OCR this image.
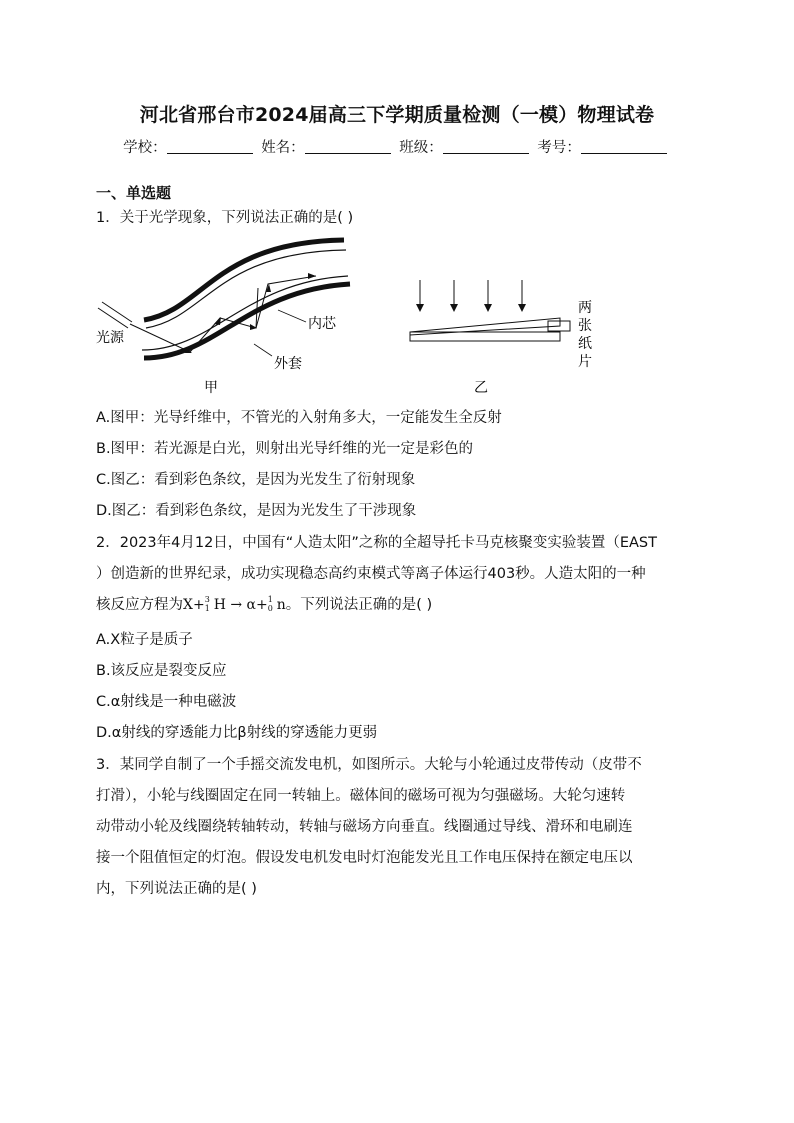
河北省邢台市2024届高三下学期质量检测（一模）物理试卷
学校：	姓名：	班级：	考号：
一、单选题
1．关于光学现象，下列说法正确的是( )
光源
内芯
外套
甲
两
张
纸
片
乙
A.图甲：光导纤维中，不管光的入射角多大，一定能发生全反射
B.图甲：若光源是白光，则射出光导纤维的光一定是彩色的
C.图乙：看到彩色条纹，是因为光发生了衍射现象
D.图乙：看到彩色条纹，是因为光发生了干涉现象
2．2023年4月12日，中国有“人造太阳”之称的全超导托卡马克核聚变实验装置（EAST
）创造新的世界纪录，成功实现稳态高约束模式等离子体运行403秒。人造太阳的一种
核反应方程为X+ 3
1 H → α+ 1
0 n。下列说法正确的是( )
A.X粒子是质子
B.该反应是裂变反应
C.α射线是一种电磁波
D.α射线的穿透能力比β射线的穿透能力更弱
3．某同学自制了一个手摇交流发电机，如图所示。大轮与小轮通过皮带传动（皮带不
打滑），小轮与线圈固定在同一转轴上。磁体间的磁场可视为匀强磁场。大轮匀速转
动带动小轮及线圈绕转轴转动，转轴与磁场方向垂直。线圈通过导线、滑环和电刷连
接一个阻值恒定的灯泡。假设发电机发电时灯泡能发光且工作电压保持在额定电压以
内，下列说法正确的是( )
